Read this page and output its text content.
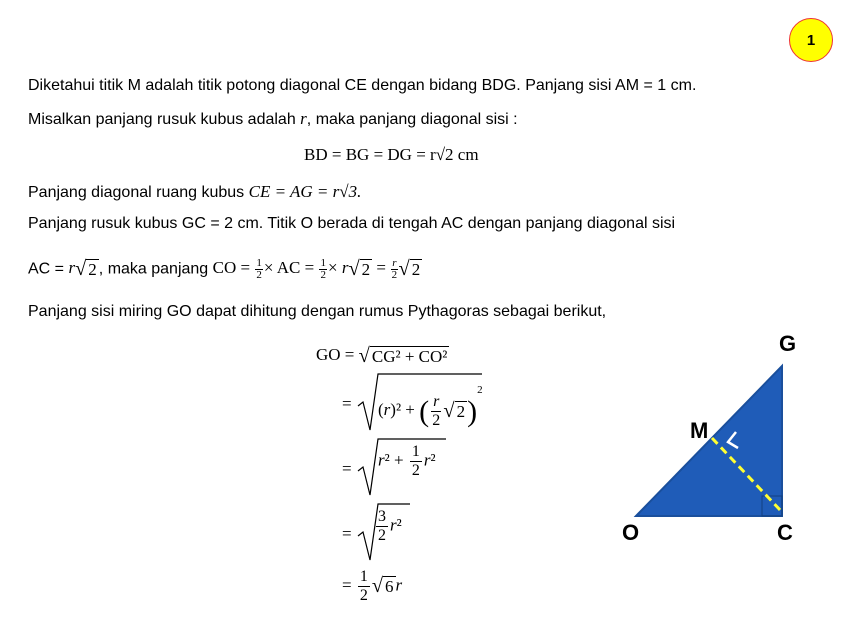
1
Diketahui titik M adalah titik potong diagonal CE dengan bidang BDG. Panjang sisi AM = 1 cm.
Misalkan panjang rusuk kubus adalah r, maka panjang diagonal sisi :
BD = BG = DG = r√2 cm
Panjang diagonal ruang kubus CE = AG = r√3.
Panjang rusuk kubus GC = 2 cm. Titik O berada di tengah AC dengan panjang diagonal sisi
AC = r √ 2 , maka panjang CO = $\frac{1}{2}$ × AC = $\frac{1}{2} \times r$ √ $2 = \frac{r}{2}$ √ 2
Panjang sisi miring GO dapat dihitung dengan rumus Pythagoras sebagai berikut,
GO = √ CG² + CO²
= (r)² + ( $\frac{r}{2}$ √ 2 )$^2$
= $r^2 + \frac{1}{2} r^2$
= $\frac{3}{2} r^2$
= $\frac{1}{2}$ √ 6 r
G
M
O	C
